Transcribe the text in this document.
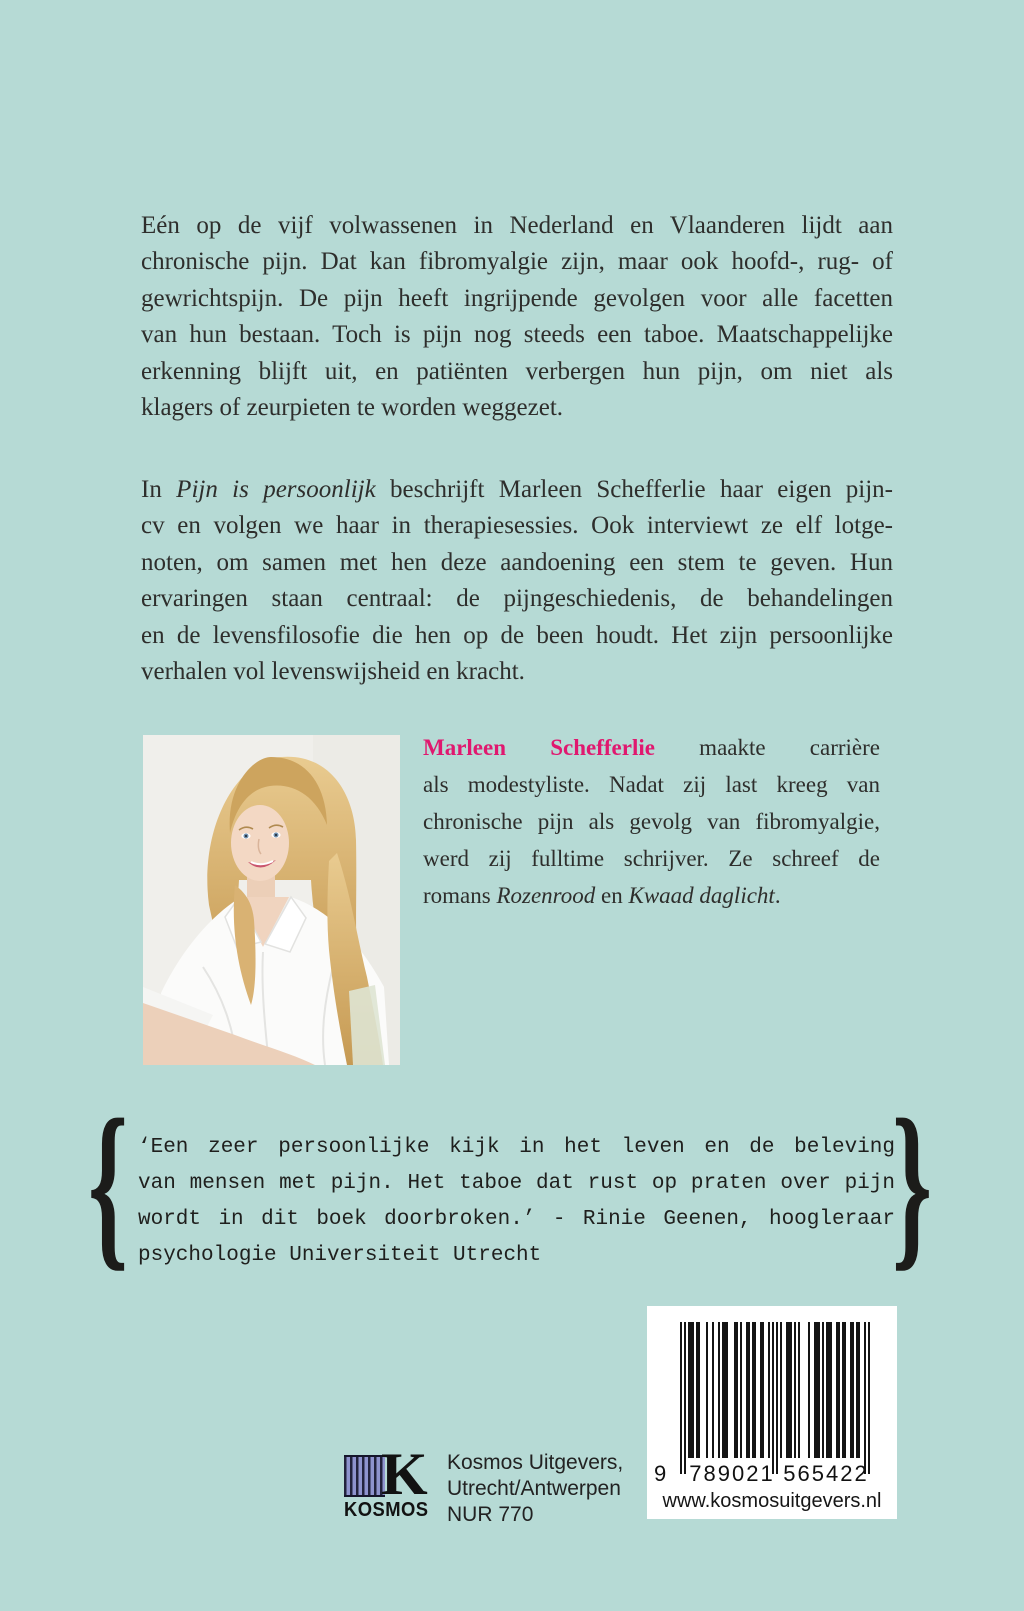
Eén op de vijf volwassenen in Nederland en Vlaanderen lijdt aan
chronische pijn. Dat kan fibromyalgie zijn, maar ook hoofd-, rug- of
gewrichtspijn. De pijn heeft ingrijpende gevolgen voor alle facetten
van hun bestaan. Toch is pijn nog steeds een taboe. Maatschappelijke
erkenning blijft uit, en patiënten verbergen hun pijn, om niet als
klagers of zeurpieten te worden weggezet.
In Pijn is persoonlijk beschrijft Marleen Schefferlie haar eigen pijn-
cv en volgen we haar in therapiesessies. Ook interviewt ze elf lotge-
noten, om samen met hen deze aandoening een stem te geven. Hun
ervaringen staan centraal: de pijngeschiedenis, de behandelingen
en de levensfilosofie die hen op de been houdt. Het zijn persoonlijke
verhalen vol levenswijsheid en kracht.
Marleen Schefferlie maakte carrière
als modestyliste. Nadat zij last kreeg van
chronische pijn als gevolg van fibromyalgie,
werd zij fulltime schrijver. Ze schreef de
romans Rozenrood en Kwaad daglicht.
{ ‘Een zeer persoonlijke kijk in het leven en de beleving
van mensen met pijn. Het taboe dat rust op praten over pijn
wordt in dit boek doorbroken.’ - Rinie Geenen, hoogleraar
psychologie Universiteit Utrecht	}
9 789021 565422
www.kosmosuitgevers.nl
K
KOSMOS
Kosmos Uitgevers,
Utrecht/Antwerpen
NUR 770
